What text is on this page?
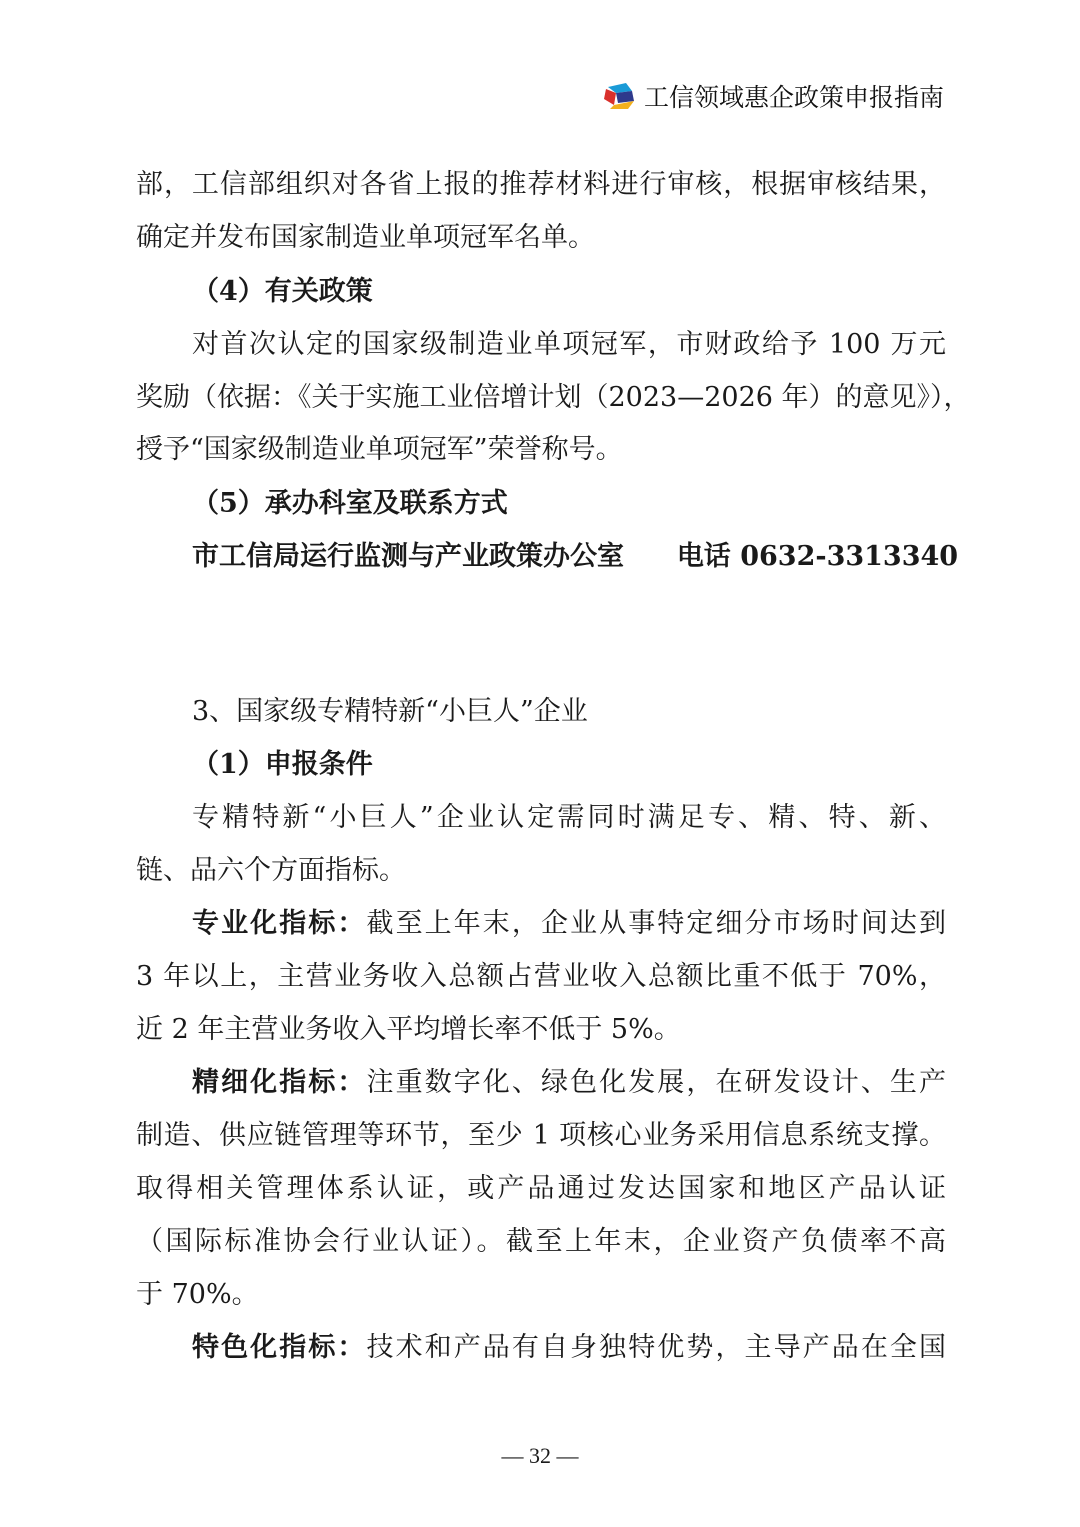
工信领域惠企政策申报指南
部，工信部组织对各省上报的推荐材料进行审核，根据审核结果，
确定并发布国家制造业单项冠军名单。
（4）有关政策
对首次认定的国家级制造业单项冠军，市财政给予 100 万元
奖励（依据：《关于实施工业倍增计划（2023—2026 年）的意见》），
授予“国家级制造业单项冠军”荣誉称号。
（5）承办科室及联系方式
市工信局运行监测与产业政策办公室 电话 0632-3313340
3、国家级专精特新“小巨人”企业
（1）申报条件
专精特新“小巨人”企业认定需同时满足专、精、特、新、
链、品六个方面指标。
专业化指标：截至上年末，企业从事特定细分市场时间达到
3 年以上，主营业务收入总额占营业收入总额比重不低于 70%，
近 2 年主营业务收入平均增长率不低于 5%。
精细化指标：注重数字化、绿色化发展，在研发设计、生产
制造、供应链管理等环节，至少 1 项核心业务采用信息系统支撑。
取得相关管理体系认证，或产品通过发达国家和地区产品认证
（国际标准协会行业认证）。截至上年末，企业资产负债率不高
于 70%。
特色化指标：技术和产品有自身独特优势，主导产品在全国
— 32 —
